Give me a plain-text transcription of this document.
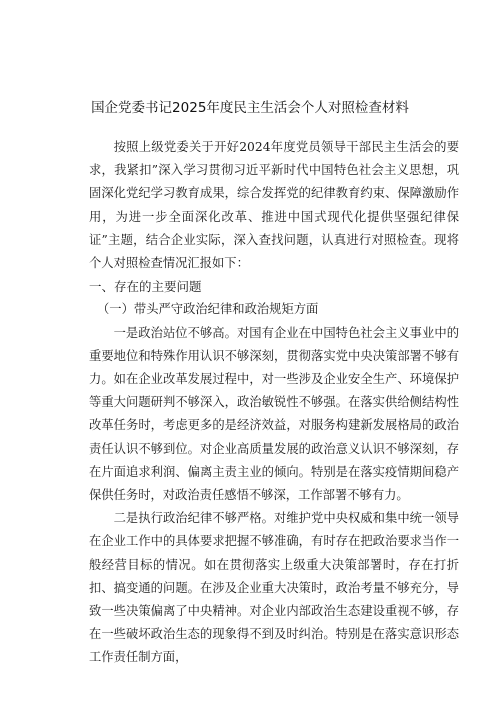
国企党委书记2025年度民主生活会个人对照检查材料

按照上级党委关于开好2024年度党员领导干部民主生活会的要求，我紧扣”深入学习贯彻习近平新时代中国特色社会主义思想，巩固深化党纪学习教育成果，综合发挥党的纪律教育约束、保障激励作用，为进一步全面深化改革、推进中国式现代化提供坚强纪律保证”主题，结合企业实际，深入查找问题，认真进行对照检查。现将个人对照检查情况汇报如下：

一、存在的主要问题

（一）带头严守政治纪律和政治规矩方面

一是政治站位不够高。对国有企业在中国特色社会主义事业中的重要地位和特殊作用认识不够深刻，贯彻落实党中央决策部署不够有力。如在企业改革发展过程中，对一些涉及企业安全生产、环境保护等重大问题研判不够深入，政治敏锐性不够强。在落实供给侧结构性改革任务时，考虑更多的是经济效益，对服务构建新发展格局的政治责任认识不够到位。对企业高质量发展的政治意义认识不够深刻，存在片面追求利润、偏离主责主业的倾向。特别是在落实疫情期间稳产保供任务时，对政治责任感悟不够深，工作部署不够有力。

二是执行政治纪律不够严格。对维护党中央权威和集中统一领导在企业工作中的具体要求把握不够准确，有时存在把政治要求当作一般经营目标的情况。如在贯彻落实上级重大决策部署时，存在打折扣、搞变通的问题。在涉及企业重大决策时，政治考量不够充分，导致一些决策偏离了中央精神。对企业内部政治生态建设重视不够，存在一些破坏政治生态的现象得不到及时纠治。特别是在落实意识形态工作责任制方面，
